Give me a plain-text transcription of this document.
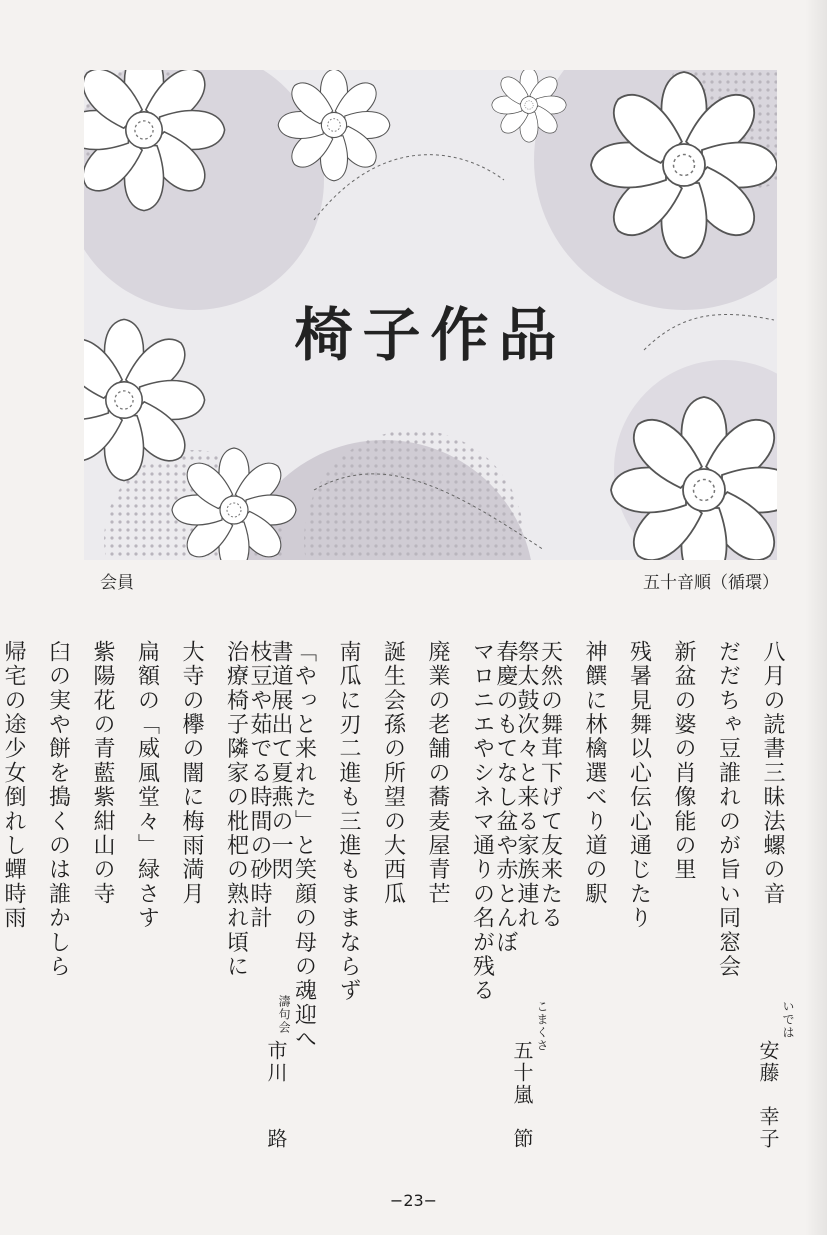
椅子作品
会員	五十音順（循環）
八月の読書三昧法螺の音
だだちゃ豆誰れのが旨い同窓会
新盆の婆の肖像能の里
残暑見舞以心伝心通じたり
神饌に林檎選べり道の駅
天然の舞茸下げて友来たる
春慶のもてなし盆や赤とんぼ
いでは
安藤　幸子
祭太鼓次々と来る家族連れ
マロニエやシネマ通りの名が残る
廃業の老舗の蕎麦屋青芒
誕生会孫の所望の大西瓜
南瓜に刃二進も三進もままならず
「やっと来れた」と笑顔の母の魂迎へ
枝豆や茹でる時間の砂時計
こまくさ
五十嵐　節
書道展出て夏燕の一閃
治療椅子隣家の枇杷の熟れ頃に
大寺の欅の闇に梅雨満月
扁額の「威風堂々」緑さす
紫陽花の青藍紫紺山の寺
臼の実や餅を搗くのは誰かしら
帰宅の途少女倒れし蟬時雨
濤句会
市川　　路
−23−
